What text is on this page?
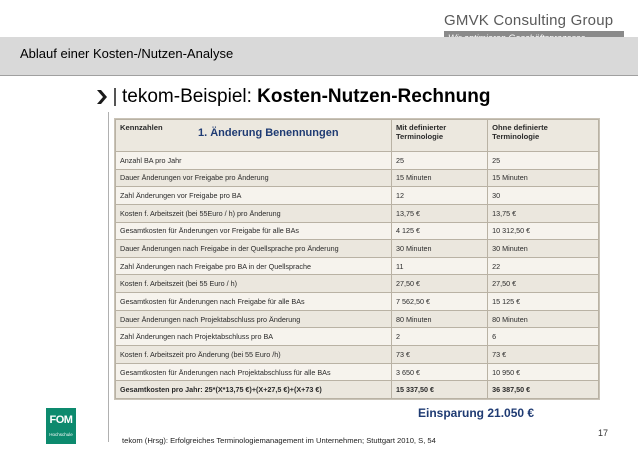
GMVK Consulting Group
Ablauf einer Kosten-/Nutzen-Analyse
tekom-Beispiel: Kosten-Nutzen-Rechnung
Kennzahlen	Mit definierter Terminologie	Ohne definierte Terminologie
Anzahl BA pro Jahr	25	25
Dauer Änderungen vor Freigabe pro Änderung	15 Minuten	15 Minuten
Zahl Änderungen vor Freigabe pro BA	12	30
Kosten f. Arbeitszeit (bei 55Euro / h) pro Änderung	13,75 €	13,75 €
Gesamtkosten für Änderungen vor Freigabe für alle BAs	4 125 €	10 312,50 €
Dauer Änderungen nach Freigabe in der Quellsprache pro Änderung	30 Minuten	30 Minuten
Zahl Änderungen nach Freigabe pro BA in der Quellsprache	11	22
Kosten f. Arbeitszeit (bei 55 Euro / h)	27,50 €	27,50 €
Gesamtkosten für Änderungen nach Freigabe für alle BAs	7 562,50 €	15 125 €
Dauer Änderungen nach Projektabschluss pro Änderung	80 Minuten	80 Minuten
Zahl Änderungen nach Projektabschluss pro BA	2	6
Kosten f. Arbeitszeit pro Änderung (bei 55 Euro /h)	73 €	73 €
Gesamtkosten für Änderungen nach Projektabschluss für alle BAs	3 650 €	10 950 €
Gesamtkosten pro Jahr: 25*(X*13,75 €)+(X+27,5 €)+(X+73 €)	15 337,50 €	36 387,50 €
1. Änderung Benennungen
Einsparung 21.050 €
FOM
Hochschule	17
tekom (Hrsg): Erfolgreiches Terminologiemanagement im Unternehmen; Stuttgart 2010, S, 54
